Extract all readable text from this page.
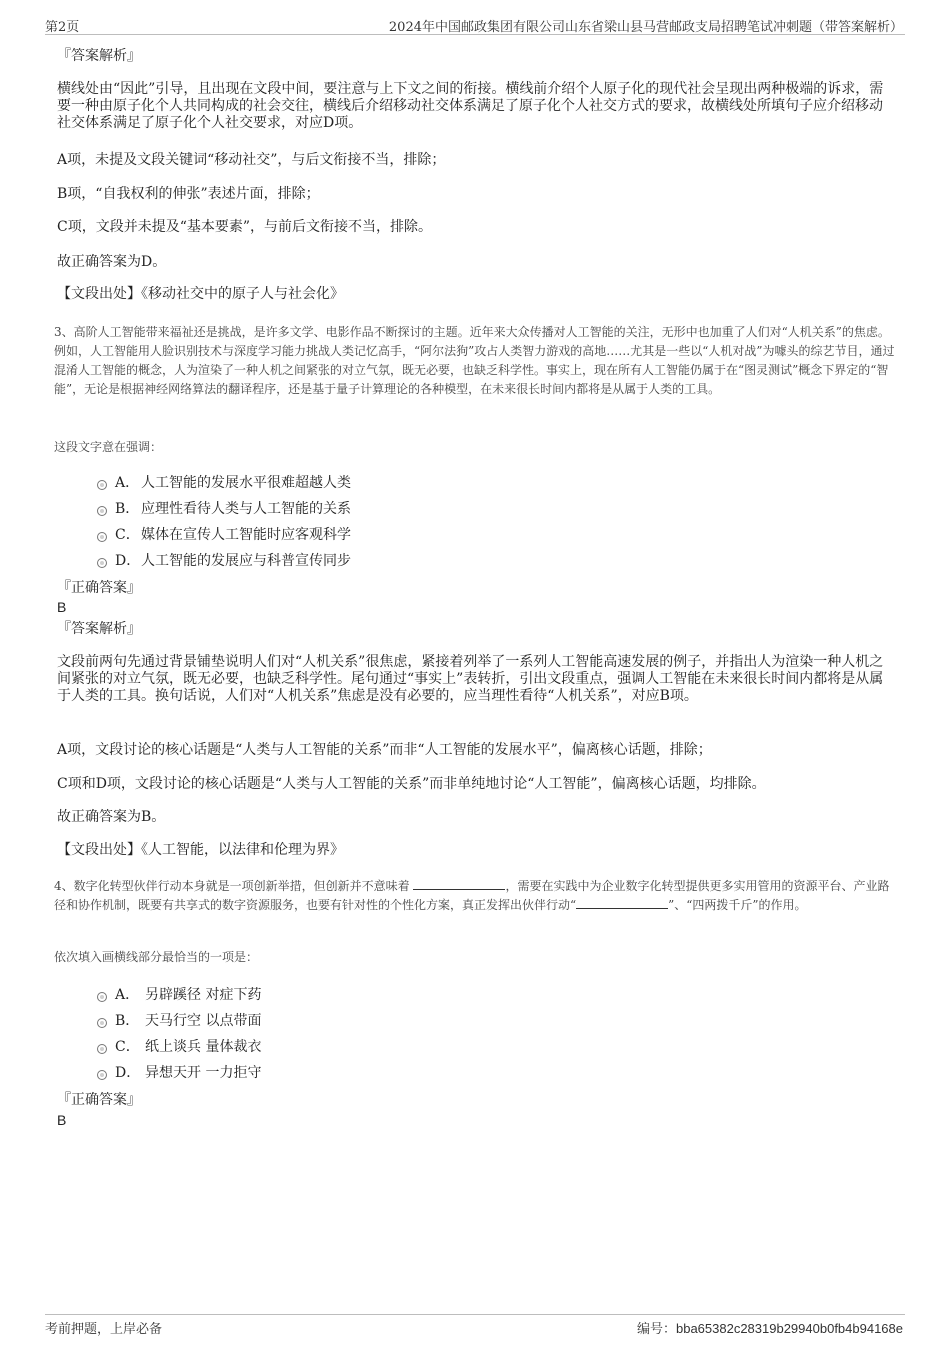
第2页	2024年中国邮政集团有限公司山东省梁山县马营邮政支局招聘笔试冲刺题（带答案解析）
『答案解析』
横线处由“因此”引导，且出现在文段中间，要注意与上下文之间的衔接。横线前介绍个人原子化的现代社会呈现出两种极端的诉求，需要一种由原子化个人共同构成的社会交往，横线后介绍移动社交体系满足了原子化个人社交方式的要求，故横线处所填句子应介绍移动社交体系满足了原子化个人社交要求，对应D项。
A项，未提及文段关键词“移动社交”，与后文衔接不当，排除；
B项，“自我权利的伸张”表述片面，排除；
C项，文段并未提及“基本要素”，与前后文衔接不当，排除。
故正确答案为D。
【文段出处】《移动社交中的原子人与社会化》
3、高阶人工智能带来福祉还是挑战，是许多文学、电影作品不断探讨的主题。近年来大众传播对人工智能的关注，无形中也加重了人们对“人机关系”的焦虑。例如，人工智能用人脸识别技术与深度学习能力挑战人类记忆高手，“阿尔法狗”攻占人类智力游戏的高地……尤其是一些以“人机对战”为噱头的综艺节目，通过混淆人工智能的概念，人为渲染了一种人机之间紧张的对立气氛，既无必要，也缺乏科学性。事实上，现在所有人工智能仍属于在“图灵测试”概念下界定的“智能”，无论是根据神经网络算法的翻译程序，还是基于量子计算理论的各种模型，在未来很长时间内都将是从属于人类的工具。
这段文字意在强调：
A． 人工智能的发展水平很难超越人类
B． 应理性看待人类与人工智能的关系
C． 媒体在宣传人工智能时应客观科学
D． 人工智能的发展应与科普宣传同步
『正确答案』
B
『答案解析』
文段前两句先通过背景铺垫说明人们对“人机关系”很焦虑，紧接着列举了一系列人工智能高速发展的例子，并指出人为渲染一种人机之间紧张的对立气氛，既无必要，也缺乏科学性。尾句通过“事实上”表转折，引出文段重点，强调人工智能在未来很长时间内都将是从属于人类的工具。换句话说，人们对“人机关系”焦虑是没有必要的，应当理性看待“人机关系”，对应B项。
A项，文段讨论的核心话题是“人类与人工智能的关系”而非“人工智能的发展水平”，偏离核心话题，排除；
C项和D项，文段讨论的核心话题是“人类与人工智能的关系”而非单纯地讨论“人工智能”，偏离核心话题，均排除。
故正确答案为B。
【文段出处】《人工智能，以法律和伦理为界》
4、数字化转型伙伴行动本身就是一项创新举措，但创新并不意味着	，需要在实践中为企业数字化转型提供更多实用管用的资源平台、产业路径和协作机制，既要有共享式的数字资源服务，也要有针对性的个性化方案，真正发挥出伙伴行动“	”、“四两拨千斤”的作用。
依次填入画横线部分最恰当的一项是：
A． 另辟蹊径 对症下药
B． 天马行空 以点带面
C． 纸上谈兵 量体裁衣
D． 异想天开 一力拒守
『正确答案』
B
考前押题，上岸必备	编号：bba65382c28319b29940b0fb4b94168e
